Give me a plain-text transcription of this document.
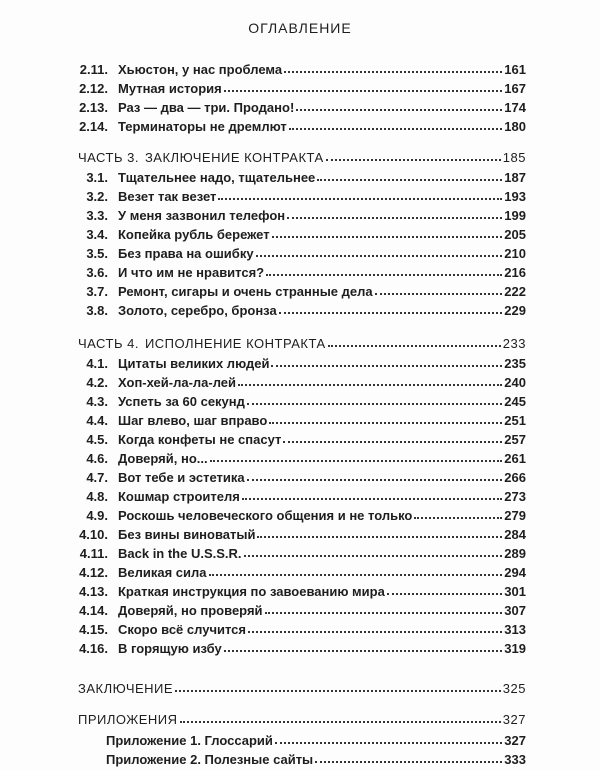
ОГЛАВЛЕНИЕ
2.11. Хьюстон, у нас проблема	161
2.12. Мутная история	167
2.13. Раз — два — три. Продано!	174
2.14. Терминаторы не дремлют	180
ЧАСТЬ 3. ЗАКЛЮЧЕНИЕ КОНТРАКТА	185
3.1. Тщательнее надо, тщательнее	187
3.2. Везет так везет	193
3.3. У меня зазвонил телефон	199
3.4. Копейка рубль бережет	205
3.5. Без права на ошибку	210
3.6. И что им не нравится?	216
3.7. Ремонт, сигары и очень странные дела	222
3.8. Золото, серебро, бронза	229
ЧАСТЬ 4. ИСПОЛНЕНИЕ КОНТРАКТА	233
4.1. Цитаты великих людей	235
4.2. Хоп-хей-ла-ла-лей	240
4.3. Успеть за 60 секунд	245
4.4. Шаг влево, шаг вправо	251
4.5. Когда конфеты не спасут	257
4.6. Доверяй, но...	261
4.7. Вот тебе и эстетика	266
4.8. Кошмар строителя	273
4.9. Роскошь человеческого общения и не только	279
4.10. Без вины виноватый	284
4.11. Back in the U.S.S.R.	289
4.12. Великая сила	294
4.13. Краткая инструкция по завоеванию мира	301
4.14. Доверяй, но проверяй	307
4.15. Скоро всё случится	313
4.16. В горящую избу	319
ЗАКЛЮЧЕНИЕ	325
ПРИЛОЖЕНИЯ	327
Приложение 1. Глоссарий	327
Приложение 2. Полезные сайты	333
